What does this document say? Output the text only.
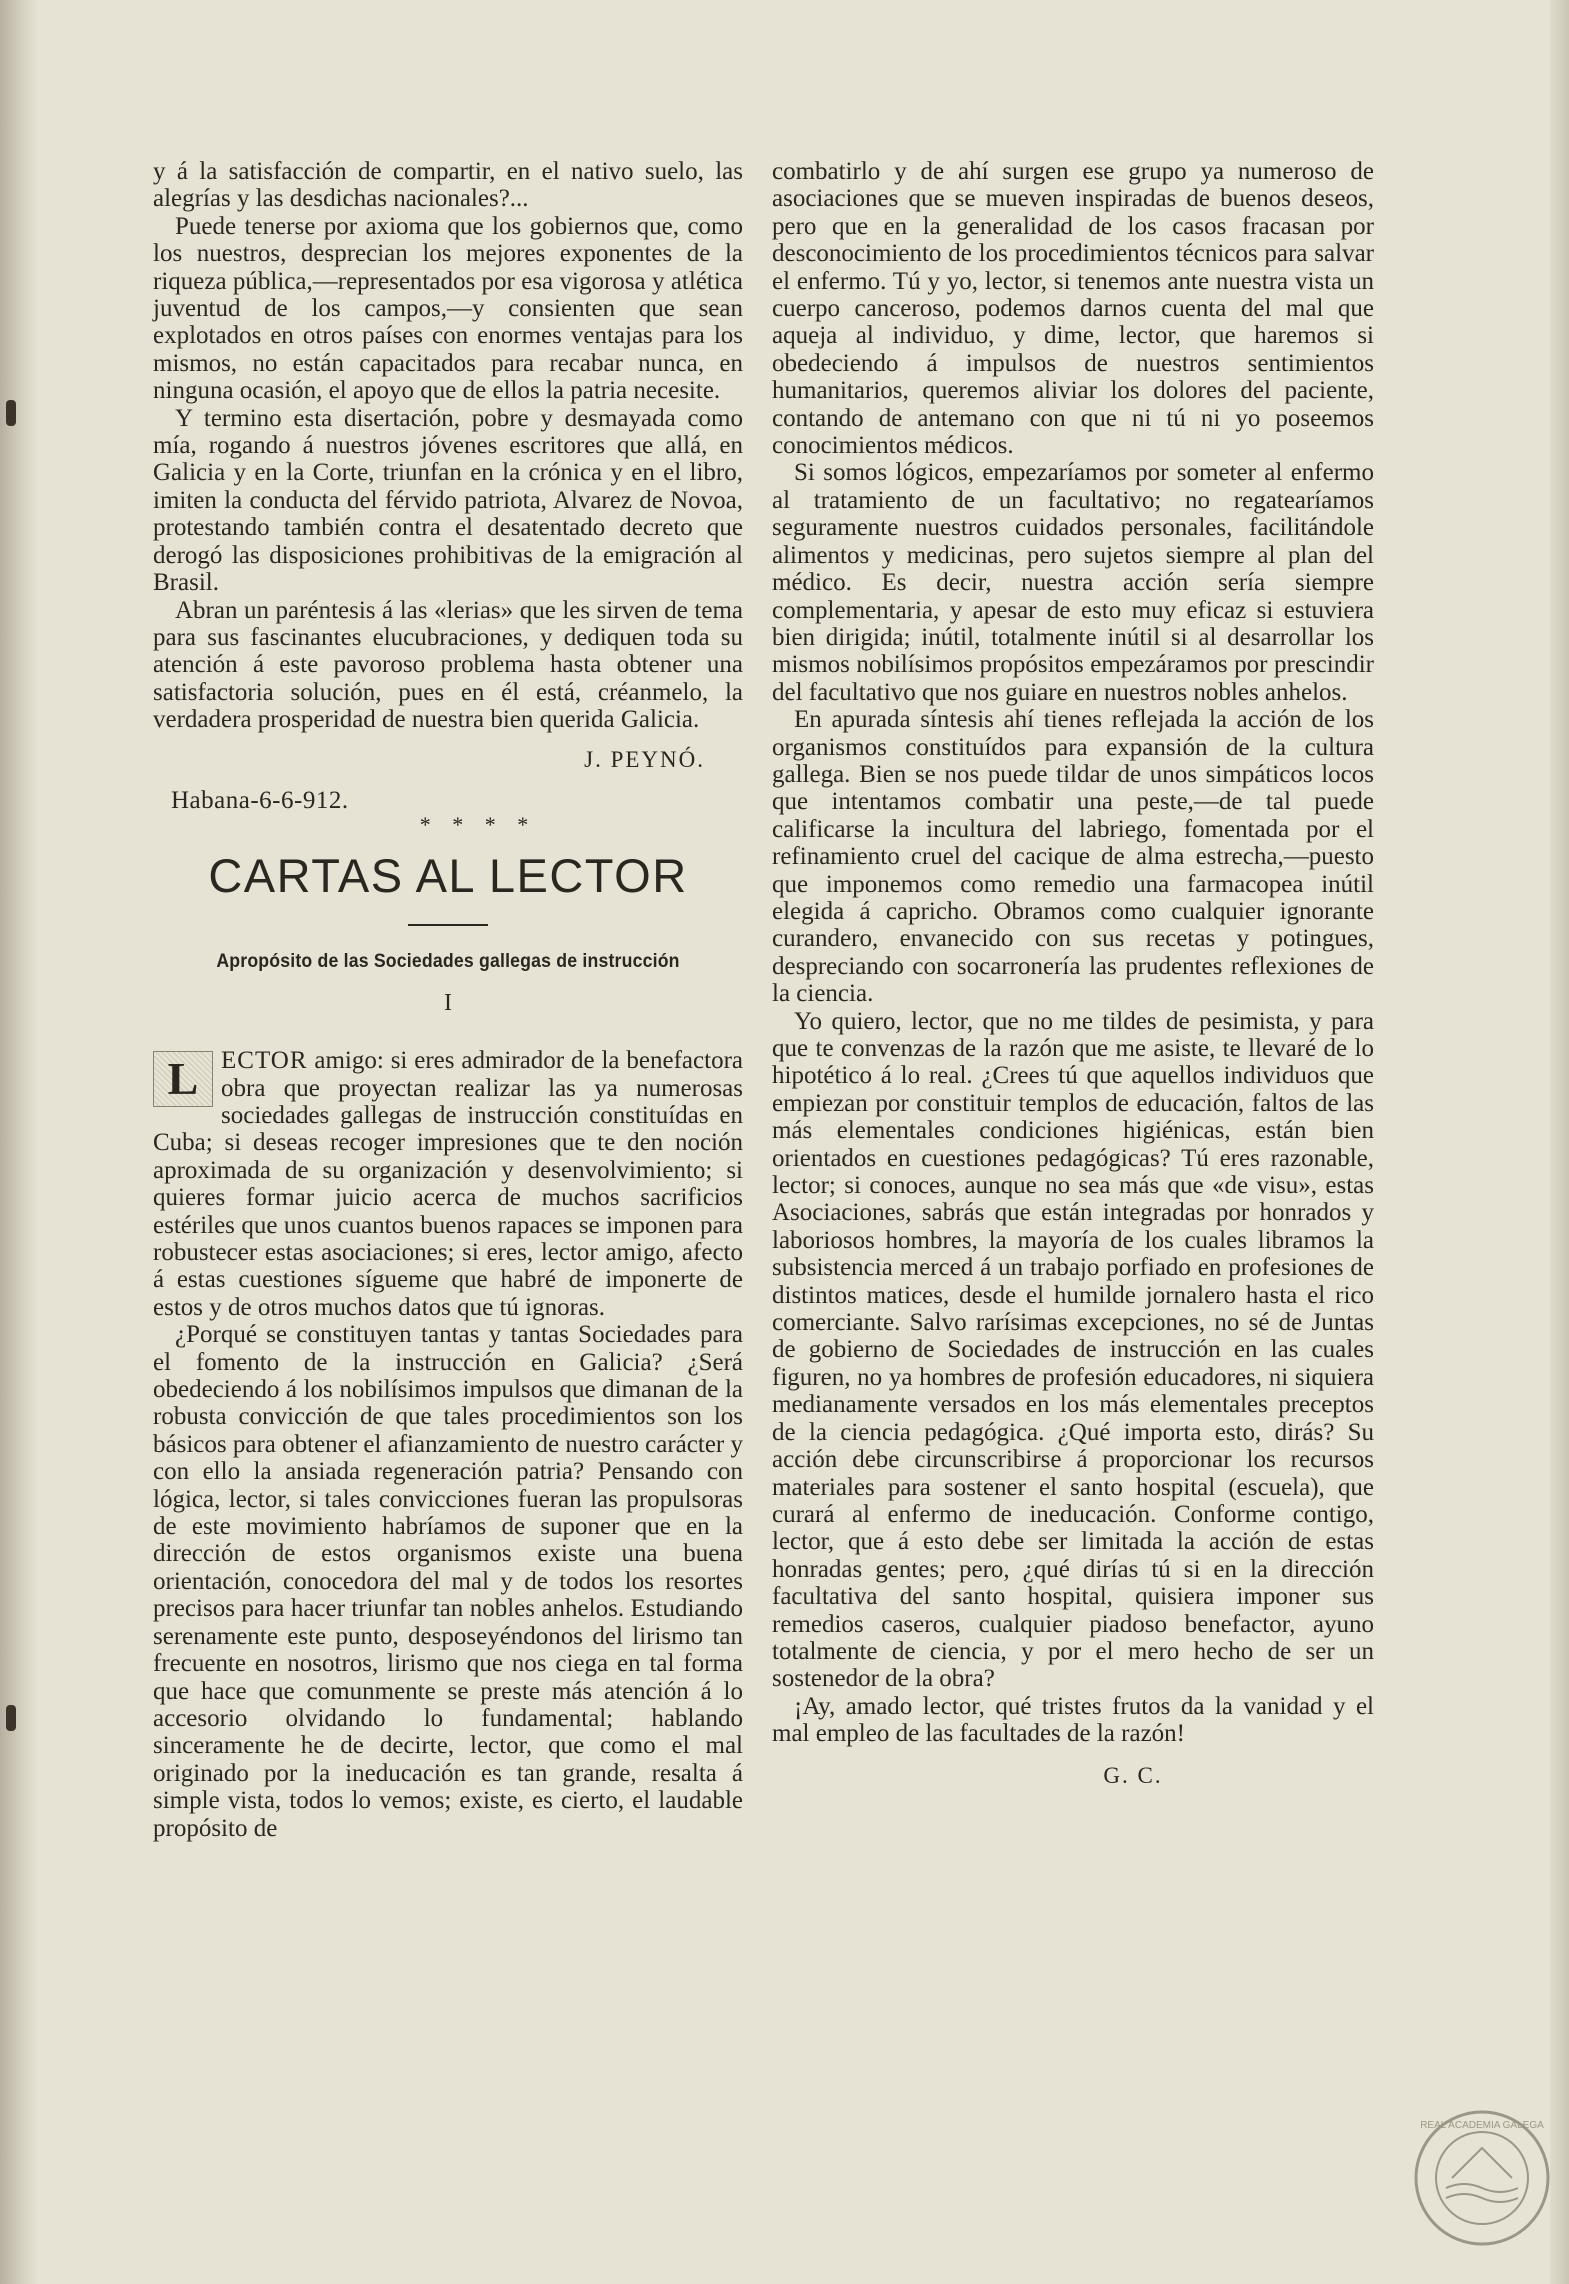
y á la satisfacción de compartir, en el nativo suelo, las alegrías y las desdichas nacionales?...

Puede tenerse por axioma que los gobiernos que, como los nuestros, desprecian los mejores exponentes de la riqueza pública,—representados por esa vigorosa y atlética juventud de los campos,—y consienten que sean explotados en otros países con enormes ventajas para los mismos, no están capacitados para recabar nunca, en ninguna ocasión, el apoyo que de ellos la patria necesite.

Y termino esta disertación, pobre y desmayada como mía, rogando á nuestros jóvenes escritores que allá, en Galicia y en la Corte, triunfan en la crónica y en el libro, imiten la conducta del férvido patriota, Alvarez de Novoa, protestando también contra el desatentado decreto que derogó las disposiciones prohibitivas de la emigración al Brasil.

Abran un paréntesis á las «lerias» que les sirven de tema para sus fascinantes elucubraciones, y dediquen toda su atención á este pavoroso problema hasta obtener una satisfactoria solución, pues en él está, créanmelo, la verdadera prosperidad de nuestra bien querida Galicia.

J. PEYNÓ.
Habana-6-6-912.
* * * *
CARTAS AL LECTOR
Apropósito de las Sociedades gallegas de instrucción
I

L ECTOR amigo: si eres admirador de la benefactora obra que proyectan realizar las ya numerosas sociedades gallegas de instrucción constituídas en Cuba; si deseas recoger impresiones que te den noción aproximada de su organización y desenvolvimiento; si quieres formar juicio acerca de muchos sacrificios estériles que unos cuantos buenos rapaces se imponen para robustecer estas asociaciones; si eres, lector amigo, afecto á estas cuestiones sígueme que habré de imponerte de estos y de otros muchos datos que tú ignoras.

¿Porqué se constituyen tantas y tantas Sociedades para el fomento de la instrucción en Galicia? ¿Será obedeciendo á los nobilísimos impulsos que dimanan de la robusta convicción de que tales procedimientos son los básicos para obtener el afianzamiento de nuestro carácter y con ello la ansiada regeneración patria? Pensando con lógica, lector, si tales convicciones fueran las propulsoras de este movimiento habríamos de suponer que en la dirección de estos organismos existe una buena orientación, conocedora del mal y de todos los resortes precisos para hacer triunfar tan nobles anhelos. Estudiando serenamente este punto, desposeyéndonos del lirismo tan frecuente en nosotros, lirismo que nos ciega en tal forma que hace que comunmente se preste más atención á lo accesorio olvidando lo fundamental; hablando sinceramente he de decirte, lector, que como el mal originado por la ineducación es tan grande, resalta á simple vista, todos lo vemos; existe, es cierto, el laudable propósito de

combatirlo y de ahí surgen ese grupo ya numeroso de asociaciones que se mueven inspiradas de buenos deseos, pero que en la generalidad de los casos fracasan por desconocimiento de los procedimientos técnicos para salvar el enfermo. Tú y yo, lector, si tenemos ante nuestra vista un cuerpo canceroso, podemos darnos cuenta del mal que aqueja al individuo, y dime, lector, que haremos si obedeciendo á impulsos de nuestros sentimientos humanitarios, queremos aliviar los dolores del paciente, contando de antemano con que ni tú ni yo poseemos conocimientos médicos.

Si somos lógicos, empezaríamos por someter al enfermo al tratamiento de un facultativo; no regatearíamos seguramente nuestros cuidados personales, facilitándole alimentos y medicinas, pero sujetos siempre al plan del médico. Es decir, nuestra acción sería siempre complementaria, y apesar de esto muy eficaz si estuviera bien dirigida; inútil, totalmente inútil si al desarrollar los mismos nobilísimos propósitos empezáramos por prescindir del facultativo que nos guiare en nuestros nobles anhelos.

En apurada síntesis ahí tienes reflejada la acción de los organismos constituídos para expansión de la cultura gallega. Bien se nos puede tildar de unos simpáticos locos que intentamos combatir una peste,—de tal puede calificarse la incultura del labriego, fomentada por el refinamiento cruel del cacique de alma estrecha,—puesto que imponemos como remedio una farmacopea inútil elegida á capricho. Obramos como cualquier ignorante curandero, envanecido con sus recetas y potingues, despreciando con socarronería las prudentes reflexiones de la ciencia.

Yo quiero, lector, que no me tildes de pesimista, y para que te convenzas de la razón que me asiste, te llevaré de lo hipotético á lo real. ¿Crees tú que aquellos individuos que empiezan por constituir templos de educación, faltos de las más elementales condiciones higiénicas, están bien orientados en cuestiones pedagógicas? Tú eres razonable, lector; si conoces, aunque no sea más que «de visu», estas Asociaciones, sabrás que están integradas por honrados y laboriosos hombres, la mayoría de los cuales libramos la subsistencia merced á un trabajo porfiado en profesiones de distintos matices, desde el humilde jornalero hasta el rico comerciante. Salvo rarísimas excepciones, no sé de Juntas de gobierno de Sociedades de instrucción en las cuales figuren, no ya hombres de profesión educadores, ni siquiera medianamente versados en los más elementales preceptos de la ciencia pedagógica. ¿Qué importa esto, dirás? Su acción debe circunscribirse á proporcionar los recursos materiales para sostener el santo hospital (escuela), que curará al enfermo de ineducación. Conforme contigo, lector, que á esto debe ser limitada la acción de estas honradas gentes; pero, ¿qué dirías tú si en la dirección facultativa del santo hospital, quisiera imponer sus remedios caseros, cualquier piadoso benefactor, ayuno totalmente de ciencia, y por el mero hecho de ser un sostenedor de la obra?

¡Ay, amado lector, qué tristes frutos da la vanidad y el mal empleo de las facultades de la razón!

G. C.
REAL ACADEMIA GALEGA
